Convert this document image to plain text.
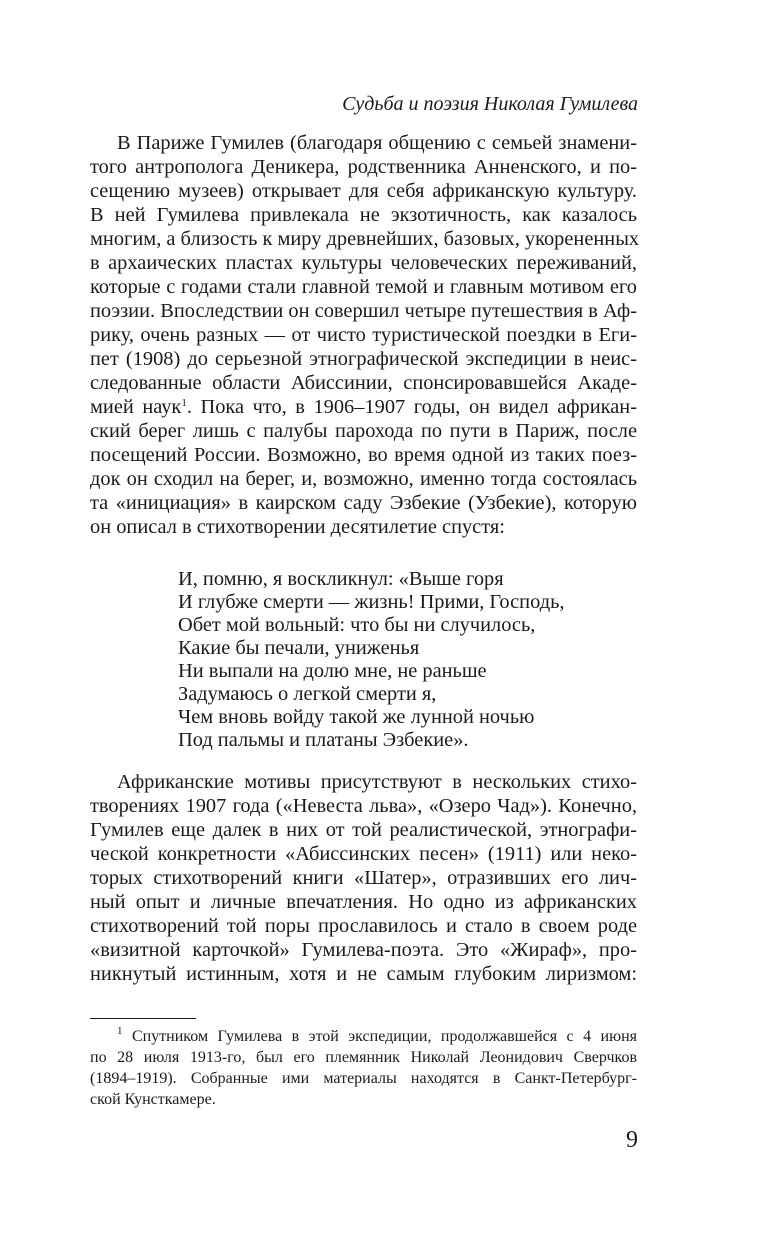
Судьба и поэзия Николая Гумилева
В Париже Гумилев (благодаря общению с семьей знамени-
того антрополога Деникера, родственника Анненского, и по-
сещению музеев) открывает для себя африканскую культуру.
В ней Гумилева привлекала не экзотичность, как казалось
многим, а близость к миру древнейших, базовых, укорененных
в архаических пластах культуры человеческих переживаний,
которые с годами стали главной темой и главным мотивом его
поэзии. Впоследствии он совершил четыре путешествия в Аф-
рику, очень разных — от чисто туристической поездки в Еги-
пет (1908) до серьезной этнографической экспедиции в неис-
следованные области Абиссинии, спонсировавшейся Акаде-
мией наук$^1$. Пока что, в 1906–1907 годы, он видел африкан-
ский берег лишь с палубы парохода по пути в Париж, после
посещений России. Возможно, во время одной из таких поез-
док он сходил на берег, и, возможно, именно тогда состоялась
та «инициация» в каирском саду Эзбекие (Узбекие), которую
он описал в стихотворении десятилетие спустя:
И, помню, я воскликнул: «Выше горя
И глубже смерти — жизнь! Прими, Господь,
Обет мой вольный: что бы ни случилось,
Какие бы печали, униженья
Ни выпали на долю мне, не раньше
Задумаюсь о легкой смерти я,
Чем вновь войду такой же лунной ночью
Под пальмы и платаны Эзбекие».
Африканские мотивы присутствуют в нескольких стихо-
творениях 1907 года («Невеста льва», «Озеро Чад»). Конечно,
Гумилев еще далек в них от той реалистической, этнографи-
ческой конкретности «Абиссинских песен» (1911) или неко-
торых стихотворений книги «Шатер», отразивших его лич-
ный опыт и личные впечатления. Но одно из африканских
стихотворений той поры прославилось и стало в своем роде
«визитной карточкой» Гумилева-поэта. Это «Жираф», про-
никнутый истинным, хотя и не самым глубоким лиризмом:
$^1$ Спутником Гумилева в этой экспедиции, продолжавшейся с 4 июня
по 28 июля 1913-го, был его племянник Николай Леонидович Сверчков
(1894–1919). Собранные ими материалы находятся в Санкт-Петербург-
ской Кунсткамере.
9
